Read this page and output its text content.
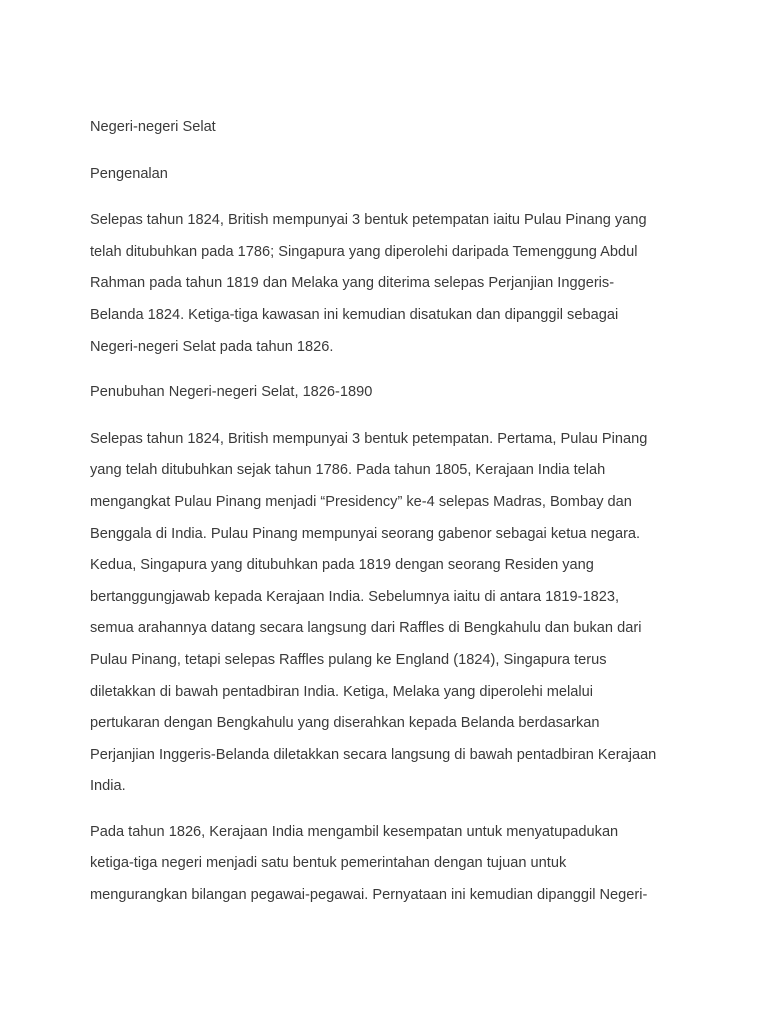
Negeri-negeri Selat

Pengenalan

Selepas tahun 1824, British mempunyai 3 bentuk petempatan iaitu Pulau Pinang yang
telah ditubuhkan pada 1786; Singapura yang diperolehi daripada Temenggung Abdul
Rahman pada tahun 1819 dan Melaka yang diterima selepas Perjanjian Inggeris-
Belanda 1824. Ketiga-tiga kawasan ini kemudian disatukan dan dipanggil sebagai
Negeri-negeri Selat pada tahun 1826.

Penubuhan Negeri-negeri Selat, 1826-1890

Selepas tahun 1824, British mempunyai 3 bentuk petempatan. Pertama, Pulau Pinang
yang telah ditubuhkan sejak tahun 1786. Pada tahun 1805, Kerajaan India telah
mengangkat Pulau Pinang menjadi “Presidency” ke-4 selepas Madras, Bombay dan
Benggala di India. Pulau Pinang mempunyai seorang gabenor sebagai ketua negara.
Kedua, Singapura yang ditubuhkan pada 1819 dengan seorang Residen yang
bertanggungjawab kepada Kerajaan India. Sebelumnya iaitu di antara 1819-1823,
semua arahannya datang secara langsung dari Raffles di Bengkahulu dan bukan dari
Pulau Pinang, tetapi selepas Raffles pulang ke England (1824), Singapura terus
diletakkan di bawah pentadbiran India. Ketiga, Melaka yang diperolehi melalui
pertukaran dengan Bengkahulu yang diserahkan kepada Belanda berdasarkan
Perjanjian Inggeris-Belanda diletakkan secara langsung di bawah pentadbiran Kerajaan
India.

Pada tahun 1826, Kerajaan India mengambil kesempatan untuk menyatupadukan
ketiga-tiga negeri menjadi satu bentuk pemerintahan dengan tujuan untuk
mengurangkan bilangan pegawai-pegawai. Pernyataan ini kemudian dipanggil Negeri-
